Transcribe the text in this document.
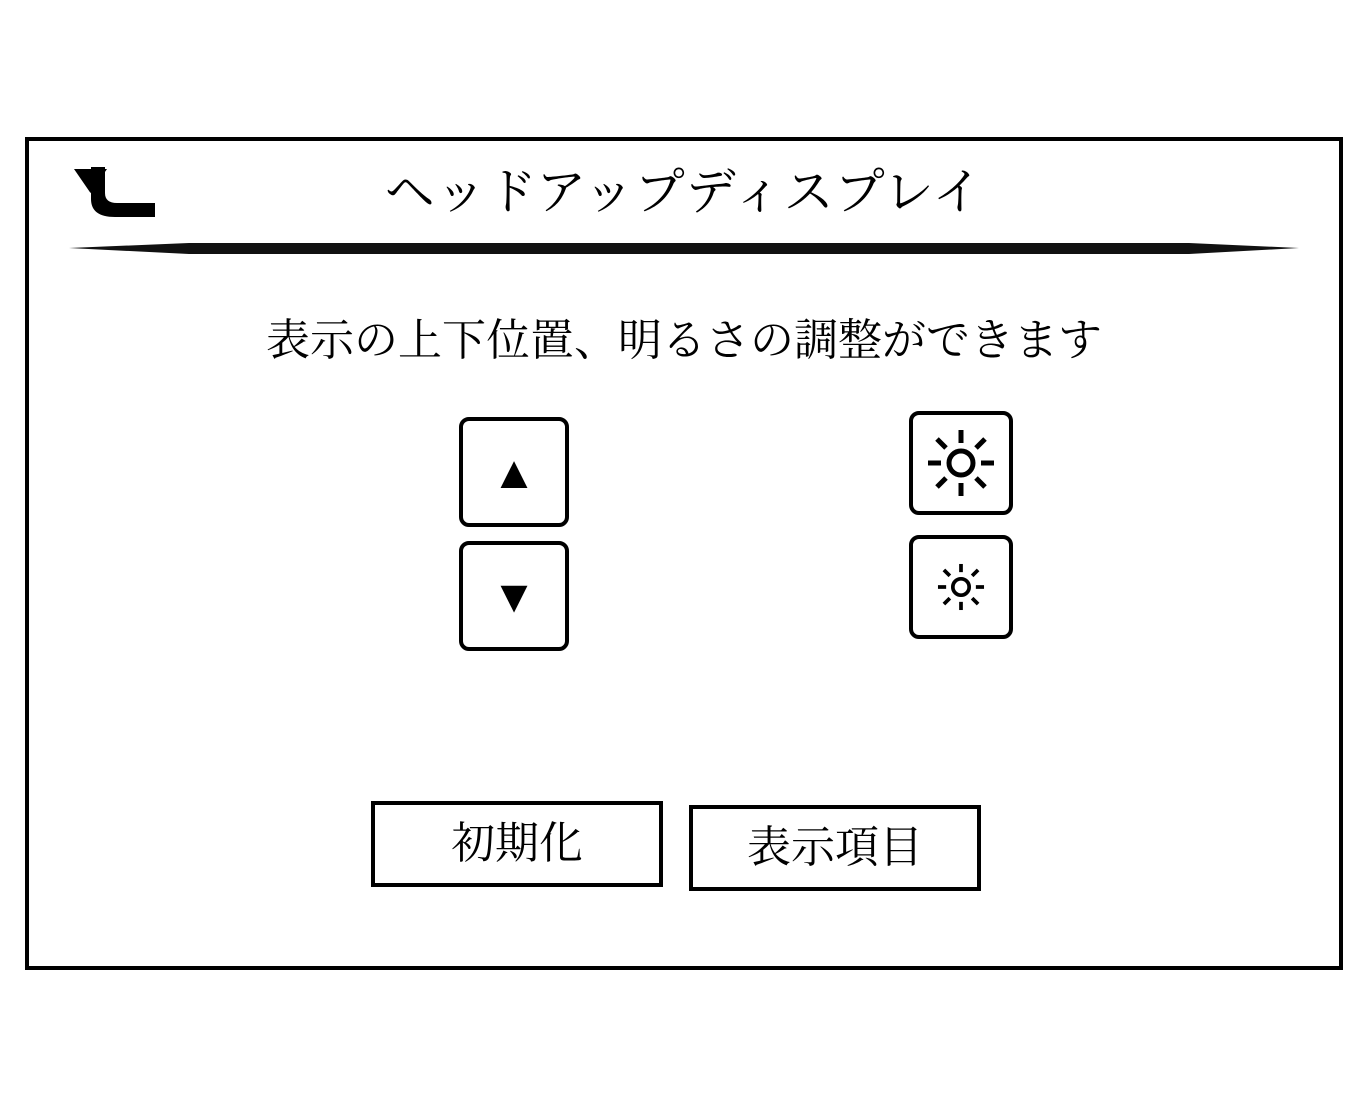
ヘッドアップディスプレイ
表示の上下位置、明るさの調整ができます
▲
▼
初期化	表示項目
